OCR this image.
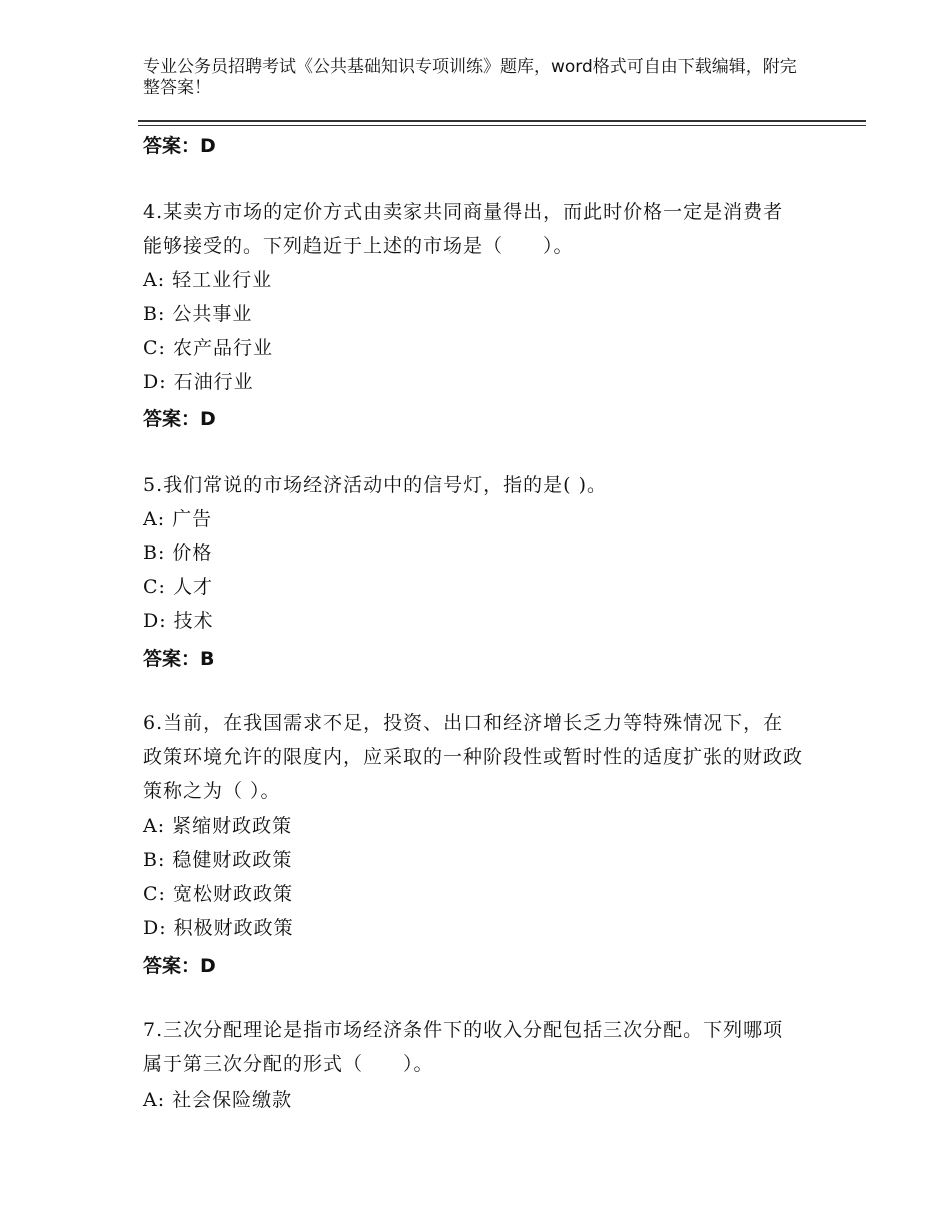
专业公务员招聘考试《公共基础知识专项训练》题库，word格式可自由下载编辑，附完整答案！
答案：D
4.某卖方市场的定价方式由卖家共同商量得出，而此时价格一定是消费者能够接受的。下列趋近于上述的市场是（　　）。
A: 轻工业行业
B: 公共事业
C: 农产品行业
D: 石油行业
答案：D
5.我们常说的市场经济活动中的信号灯，指的是( )。
A: 广告
B: 价格
C: 人才
D: 技术
答案：B
6.当前，在我国需求不足，投资、出口和经济增长乏力等特殊情况下，在政策环境允许的限度内，应采取的一种阶段性或暂时性的适度扩张的财政政策称之为（ ）。
A: 紧缩财政政策
B: 稳健财政政策
C: 宽松财政政策
D: 积极财政政策
答案：D
7.三次分配理论是指市场经济条件下的收入分配包括三次分配。下列哪项属于第三次分配的形式（　　）。
A: 社会保险缴款
